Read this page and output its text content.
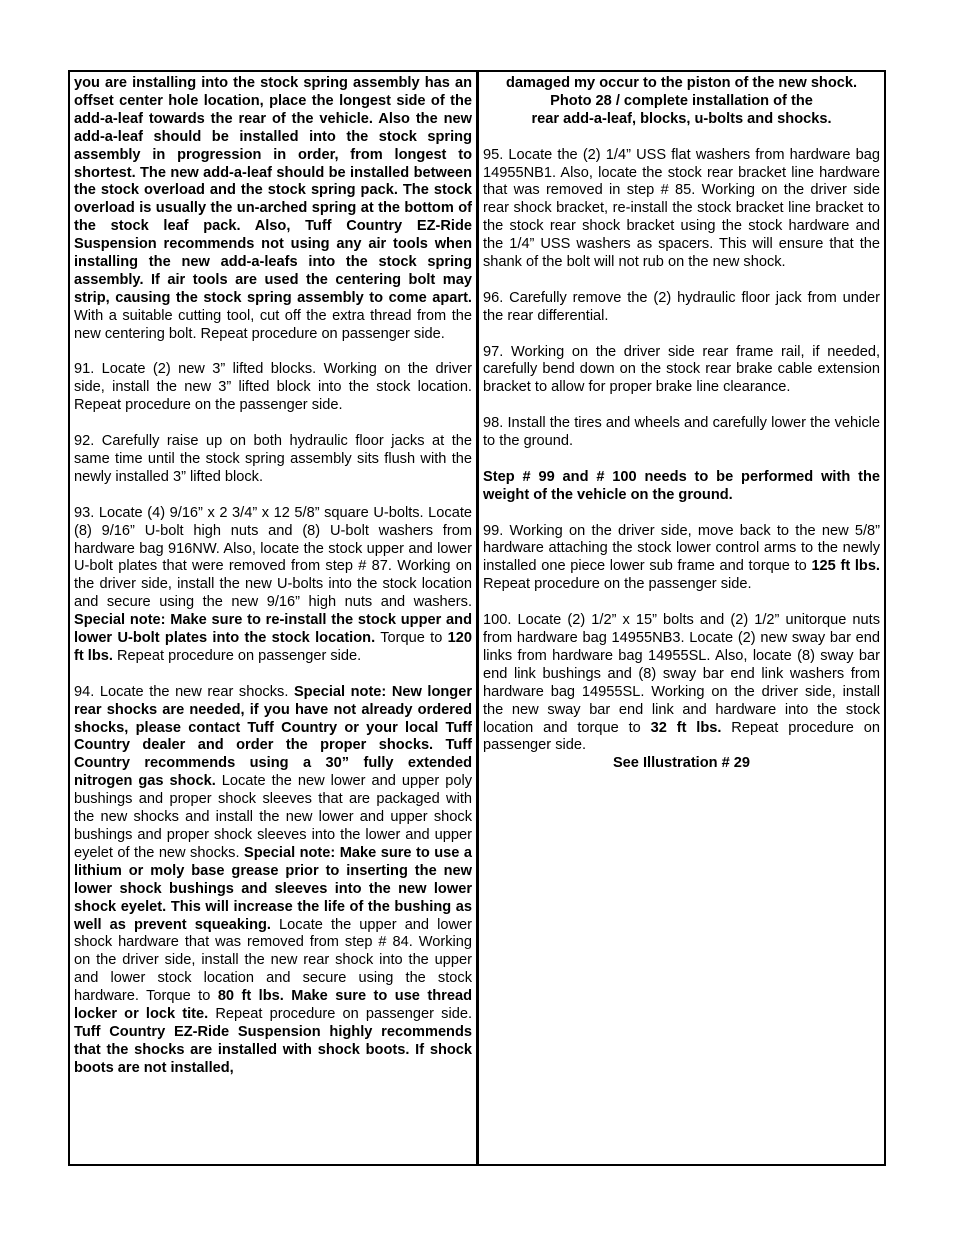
you are installing into the stock spring assembly has an offset center hole location, place the longest side of the add-a-leaf towards the rear of the vehicle. Also the new add-a-leaf should be installed into the stock spring assembly in progression in order, from longest to shortest. The new add-a-leaf should be installed between the stock overload and the stock spring pack. The stock overload is usually the un-arched spring at the bottom of the stock leaf pack. Also, Tuff Country EZ-Ride Suspension recommends not using any air tools when installing the new add-a-leafs into the stock spring assembly. If air tools are used the centering bolt may strip, causing the stock spring assembly to come apart. With a suitable cutting tool, cut off the extra thread from the new centering bolt. Repeat procedure on passenger side.

91. Locate (2) new 3” lifted blocks. Working on the driver side, install the new 3” lifted block into the stock location. Repeat procedure on the passenger side.

92. Carefully raise up on both hydraulic floor jacks at the same time until the stock spring assembly sits flush with the newly installed 3” lifted block.

93. Locate (4) 9/16” x 2 3/4” x 12 5/8” square U-bolts. Locate (8) 9/16” U-bolt high nuts and (8) U-bolt washers from hardware bag 916NW. Also, locate the stock upper and lower U-bolt plates that were removed from step # 87. Working on the driver side, install the new U-bolts into the stock location and secure using the new 9/16” high nuts and washers. Special note: Make sure to re-install the stock upper and lower U-bolt plates into the stock location. Torque to 120 ft lbs. Repeat procedure on passenger side.

94. Locate the new rear shocks. Special note: New longer rear shocks are needed, if you have not already ordered shocks, please contact Tuff Country or your local Tuff Country dealer and order the proper shocks. Tuff Country recommends using a 30” fully extended nitrogen gas shock. Locate the new lower and upper poly bushings and proper shock sleeves that are packaged with the new shocks and install the new lower and upper shock bushings and proper shock sleeves into the lower and upper eyelet of the new shocks. Special note: Make sure to use a lithium or moly base grease prior to inserting the new lower shock bushings and sleeves into the new lower shock eyelet. This will increase the life of the bushing as well as prevent squeaking. Locate the upper and lower shock hardware that was removed from step # 84. Working on the driver side, install the new rear shock into the upper and lower stock location and secure using the stock hardware. Torque to 80 ft lbs. Make sure to use thread locker or lock tite. Repeat procedure on passenger side. Tuff Country EZ-Ride Suspension highly recommends that the shocks are installed with shock boots. If shock boots are not installed,

damaged my occur to the piston of the new shock.

Photo 28 / complete installation of the

rear add-a-leaf, blocks, u-bolts and shocks.

95. Locate the (2) 1/4” USS flat washers from hardware bag 14955NB1. Also, locate the stock rear bracket line hardware that was removed in step # 85. Working on the driver side rear shock bracket, re-install the stock bracket line bracket to the stock rear shock bracket using the stock hardware and the 1/4” USS washers as spacers. This will ensure that the shank of the bolt will not rub on the new shock.

96. Carefully remove the (2) hydraulic floor jack from under the rear differential.

97. Working on the driver side rear frame rail, if needed, carefully bend down on the stock rear brake cable extension bracket to allow for proper brake line clearance.

98. Install the tires and wheels and carefully lower the vehicle to the ground.

Step # 99 and # 100 needs to be performed with the weight of the vehicle on the ground.

99. Working on the driver side, move back to the new 5/8” hardware attaching the stock lower control arms to the newly installed one piece lower sub frame and torque to 125 ft lbs. Repeat procedure on the passenger side.

100. Locate (2) 1/2” x 15” bolts and (2) 1/2” unitorque nuts from hardware bag 14955NB3. Locate (2) new sway bar end links from hardware bag 14955SL. Also, locate (8) sway bar end link bushings and (8) sway bar end link washers from hardware bag 14955SL. Working on the driver side, install the new sway bar end link and hardware into the stock location and torque to 32 ft lbs. Repeat procedure on passenger side.

See Illustration # 29
